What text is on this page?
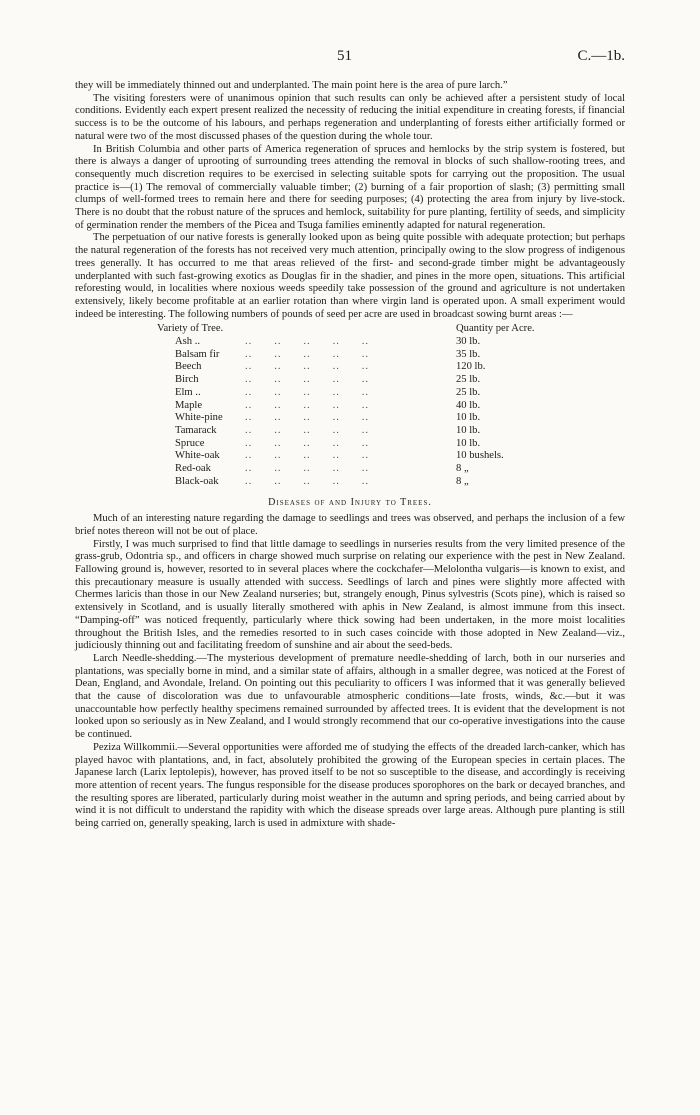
51	C.—1b.

they will be immediately thinned out and underplanted. The main point here is the area of pure larch.”

The visiting foresters were of unanimous opinion that such results can only be achieved after a persistent study of local conditions. Evidently each expert present realized the necessity of reducing the initial expenditure in creating forests, if financial success is to be the outcome of his labours, and perhaps regeneration and underplanting of forests either artificially formed or natural were two of the most discussed phases of the question during the whole tour.

In British Columbia and other parts of America regeneration of spruces and hemlocks by the strip system is fostered, but there is always a danger of uprooting of surrounding trees attending the removal in blocks of such shallow-rooting trees, and consequently much discretion requires to be exercised in selecting suitable spots for carrying out the proposition. The usual practice is—(1) The removal of commercially valuable timber; (2) burning of a fair proportion of slash; (3) permitting small clumps of well-formed trees to remain here and there for seeding purposes; (4) protecting the area from injury by live-stock. There is no doubt that the robust nature of the spruces and hemlock, suitability for pure planting, fertility of seeds, and simplicity of germination render the members of the Picea and Tsuga families eminently adapted for natural regeneration.

The perpetuation of our native forests is generally looked upon as being quite possible with adequate protection; but perhaps the natural regeneration of the forests has not received very much attention, principally owing to the slow progress of indigenous trees generally. It has occurred to me that areas relieved of the first- and second-grade timber might be advantageously underplanted with such fast-growing exotics as Douglas fir in the shadier, and pines in the more open, situations. This artificial reforesting would, in localities where noxious weeds speedily take possession of the ground and agriculture is not undertaken extensively, likely become profitable at an earlier rotation than where virgin land is operated upon. A small experiment would indeed be interesting. The following numbers of pounds of seed per acre are used in broadcast sowing burnt areas :—

Variety of Tree.		Quantity per Acre.
Ash ..	..      ..      ..      ..      ..	30 lb.
Balsam fir	..      ..      ..      ..      ..	35 lb.
Beech	..      ..      ..      ..      ..	120 lb.
Birch	..      ..      ..      ..      ..	25 lb.
Elm ..	..      ..      ..      ..      ..	25 lb.
Maple	..      ..      ..      ..      ..	40 lb.
White-pine	..      ..      ..      ..      ..	10 lb.
Tamarack	..      ..      ..      ..      ..	10 lb.
Spruce	..      ..      ..      ..      ..	10 lb.
White-oak	..      ..      ..      ..      ..	10 bushels.
Red-oak	..      ..      ..      ..      ..	8 „
Black-oak	..      ..      ..      ..      ..	8 „
Diseases of and Injury to Trees.

Much of an interesting nature regarding the damage to seedlings and trees was observed, and perhaps the inclusion of a few brief notes thereon will not be out of place.

Firstly, I was much surprised to find that little damage to seedlings in nurseries results from the very limited presence of the grass-grub, Odontria sp., and officers in charge showed much surprise on relating our experience with the pest in New Zealand. Fallowing ground is, however, resorted to in several places where the cockchafer—Melolontha vulgaris—is known to exist, and this precautionary measure is usually attended with success. Seedlings of larch and pines were slightly more affected with Chermes laricis than those in our New Zealand nurseries; but, strangely enough, Pinus sylvestris (Scots pine), which is raised so extensively in Scotland, and is usually literally smothered with aphis in New Zealand, is almost immune from this insect. “Damping-off” was noticed frequently, particularly where thick sowing had been undertaken, in the more moist localities throughout the British Isles, and the remedies resorted to in such cases coincide with those adopted in New Zealand—viz., judiciously thinning out and facilitating freedom of sunshine and air about the seed-beds.

Larch Needle-shedding.—The mysterious development of premature needle-shedding of larch, both in our nurseries and plantations, was specially borne in mind, and a similar state of affairs, although in a smaller degree, was noticed at the Forest of Dean, England, and Avondale, Ireland. On pointing out this peculiarity to officers I was informed that it was generally believed that the cause of discoloration was due to unfavourable atmospheric conditions—late frosts, winds, &c.—but it was unaccountable how perfectly healthy specimens remained surrounded by affected trees. It is evident that the development is not looked upon so seriously as in New Zealand, and I would strongly recommend that our co-operative investigations into the cause be continued.

Peziza Willkommii.—Several opportunities were afforded me of studying the effects of the dreaded larch-canker, which has played havoc with plantations, and, in fact, absolutely prohibited the growing of the European species in certain places. The Japanese larch (Larix leptolepis), however, has proved itself to be not so susceptible to the disease, and accordingly is receiving more attention of recent years. The fungus responsible for the disease produces sporophores on the bark or decayed branches, and the resulting spores are liberated, particularly during moist weather in the autumn and spring periods, and being carried about by wind it is not difficult to understand the rapidity with which the disease spreads over large areas. Although pure planting is still being carried on, generally speaking, larch is used in admixture with shade-
